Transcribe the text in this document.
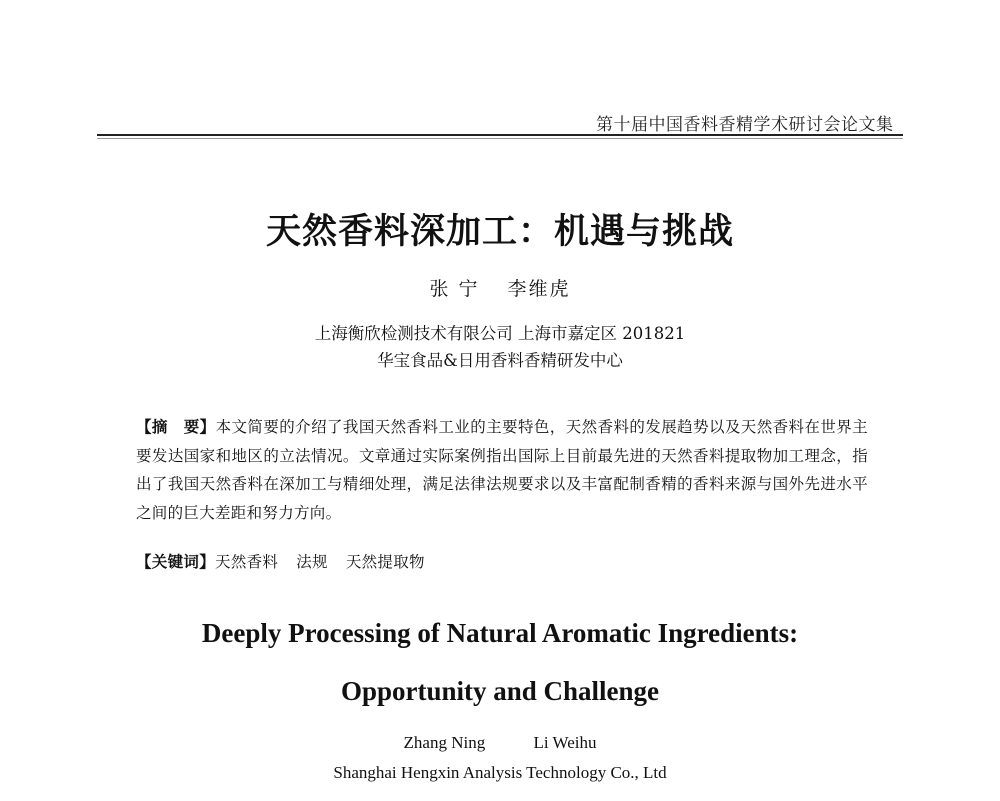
第十届中国香料香精学术研讨会论文集
天然香料深加工：机遇与挑战
张 宁 李维虎
上海衡欣检测技术有限公司 上海市嘉定区 201821
华宝食品&日用香料香精研发中心
【摘　要】本文简要的介绍了我国天然香料工业的主要特色，天然香料的发展趋势以及天然香料在世界主要发达国家和地区的立法情况。文章通过实际案例指出国际上目前最先进的天然香料提取物加工理念，指出了我国天然香料在深加工与精细处理，满足法律法规要求以及丰富配制香精的香料来源与国外先进水平之间的巨大差距和努力方向。
【关键词】天然香料 法规 天然提取物
Deeply Processing of Natural Aromatic Ingredients:
Opportunity and Challenge
Zhang Ning	Li Weihu
Shanghai Hengxin Analysis Technology Co., Ltd
